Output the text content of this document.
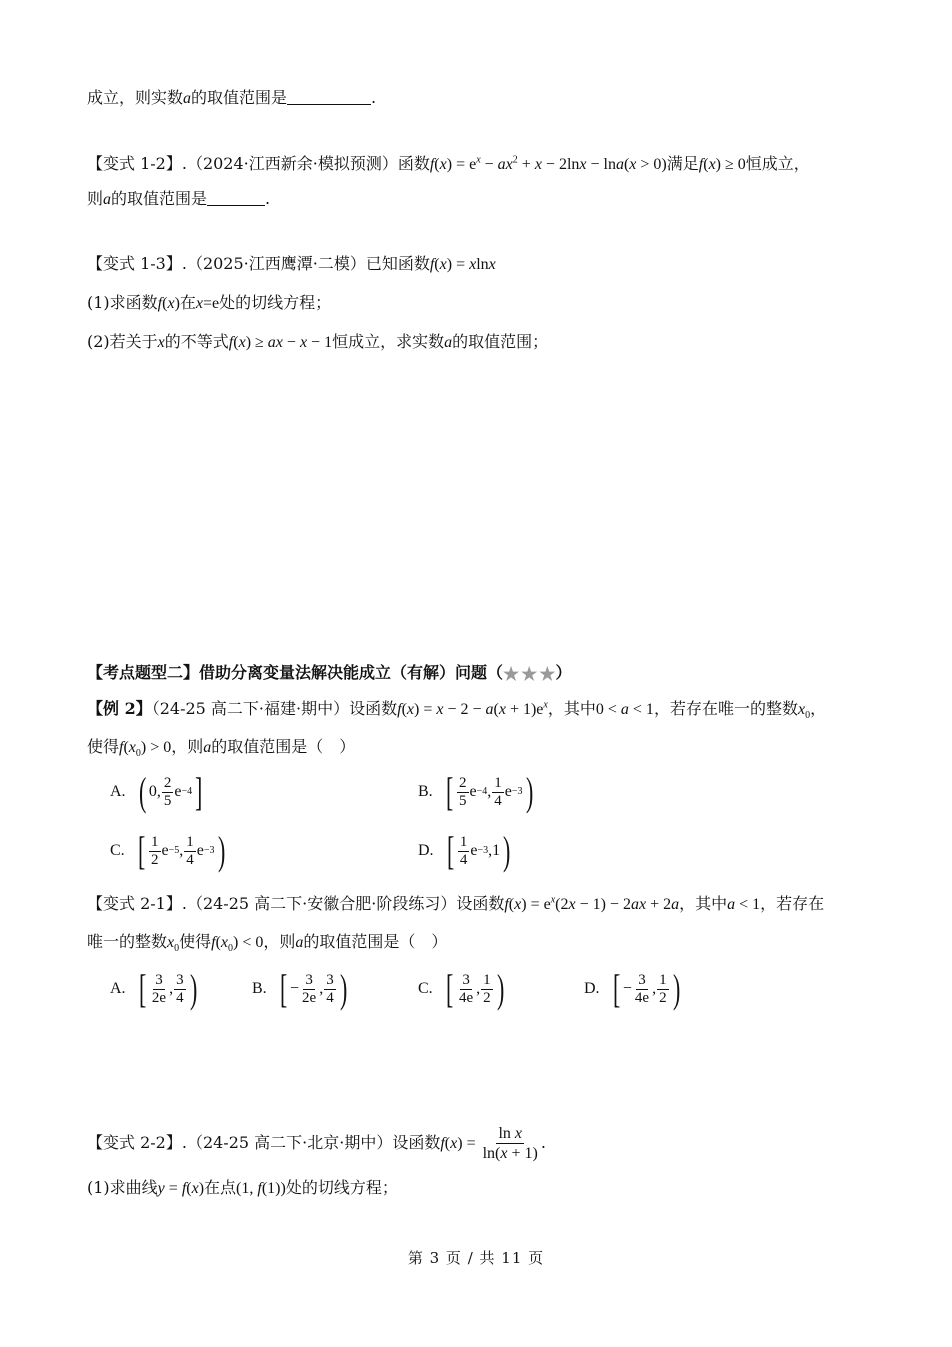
成立，则实数a的取值范围是	.
【变式 1-2】.（2024·江西新余·模拟预测）函数$f(x) = e^x - ax^2 + x - 2\ln x - \ln a(x > 0)$满足f(x) ≥ 0恒成立，
则a的取值范围是	.
【变式 1-3】.（2025·江西鹰潭·二模）已知函数f(x) = xlnx
(1)求函数f(x)在x=e处的切线方程；
(2)若关于x的不等式f(x) ≥ ax − x − 1恒成立，求实数a的取值范围；
【考点题型二】借助分离变量法解决能成立（有解）问题（ ★ ★ ★ ）
【例 2】（24-25 高二下·福建·期中）设函数$f(x) = x - 2 - a(x + 1)e^x$，其中0 < a < 1，若存在唯一的整数$x_0$，
使得$f(x_0) > 0$，则a的取值范围是（　）
A. ( 0, $\frac{2}{5}$ e −4 ]	B. [ $\frac{2}{5}$ e −4 , $\frac{1}{4}$ e −3 )
C. [ $\frac{1}{2}$ e −5 , $\frac{1}{4}$ e −3 )	D. [ $\frac{1}{4}$ e −3 ,1 )
【变式 2-1】.（24-25 高二下·安徽合肥·阶段练习）设函数$f(x) = e^x(2x - 1) - 2ax + 2a$，其中a < 1，若存在
唯一的整数$x_0$使得$f(x_0) < 0$，则a的取值范围是（　）
A. [ $\frac{3}{2e}$ , $\frac{3}{4}$ )	B. [ − $\frac{3}{2e}$ , $\frac{3}{4}$ )	C. [ $\frac{3}{4e}$ , $\frac{1}{2}$ )	D. [ − $\frac{3}{4e}$ , $\frac{1}{2}$ )
【变式 2-2】.（24-25 高二下·北京·期中）设函数$f(x) = \frac{\text{ln x}}{\ln(x + 1)}$ .
(1)求曲线y = f(x)在点(1, f(1))处的切线方程；
第 3 页 / 共 11 页
